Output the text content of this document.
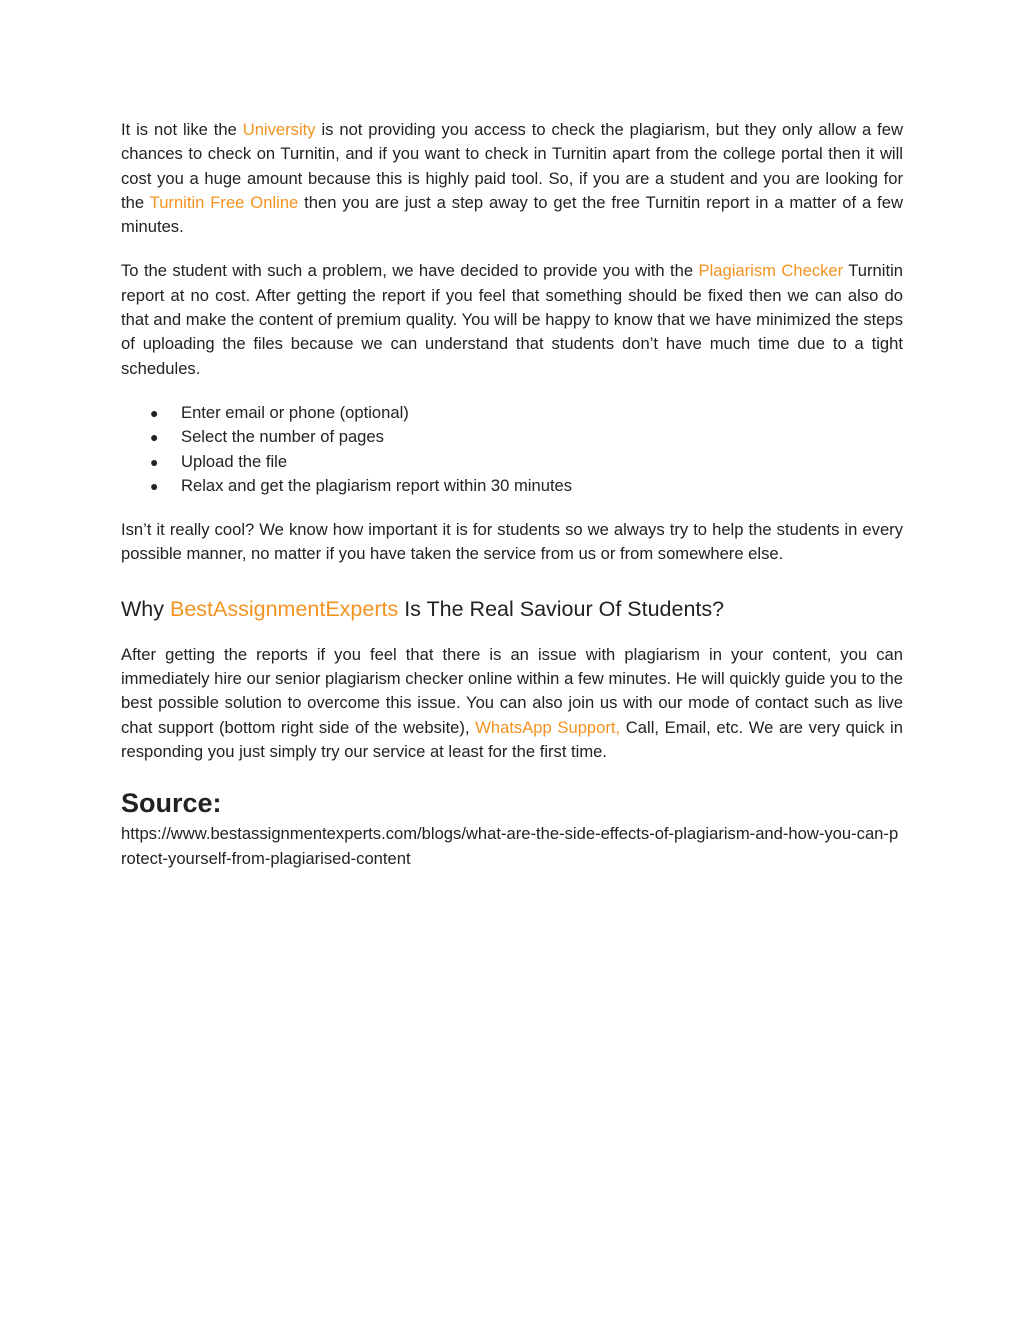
It is not like the University is not providing you access to check the plagiarism, but they only allow a few chances to check on Turnitin, and if you want to check in Turnitin apart from the college portal then it will cost you a huge amount because this is highly paid tool. So, if you are a student and you are looking for the Turnitin Free Online then you are just a step away to get the free Turnitin report in a matter of a few minutes.

To the student with such a problem, we have decided to provide you with the Plagiarism Checker Turnitin report at no cost. After getting the report if you feel that something should be fixed then we can also do that and make the content of premium quality. You will be happy to know that we have minimized the steps of uploading the files because we can understand that students don’t have much time due to a tight schedules.

● Enter email or phone (optional)
● Select the number of pages
● Upload the file
● Relax and get the plagiarism report within 30 minutes

Isn’t it really cool? We know how important it is for students so we always try to help the students in every possible manner, no matter if you have taken the service from us or from somewhere else.

Why BestAssignmentExperts Is The Real Saviour Of Students?

After getting the reports if you feel that there is an issue with plagiarism in your content, you can immediately hire our senior plagiarism checker online within a few minutes. He will quickly guide you to the best possible solution to overcome this issue. You can also join us with our mode of contact such as live chat support (bottom right side of the website), WhatsApp Support, Call, Email, etc. We are very quick in responding you just simply try our service at least for the first time.

Source:
https://www.bestassignmentexperts.com/blogs/what-are-the-side-effects-of-plagiarism-and-how-you-can-protect-yourself-from-plagiarised-content
